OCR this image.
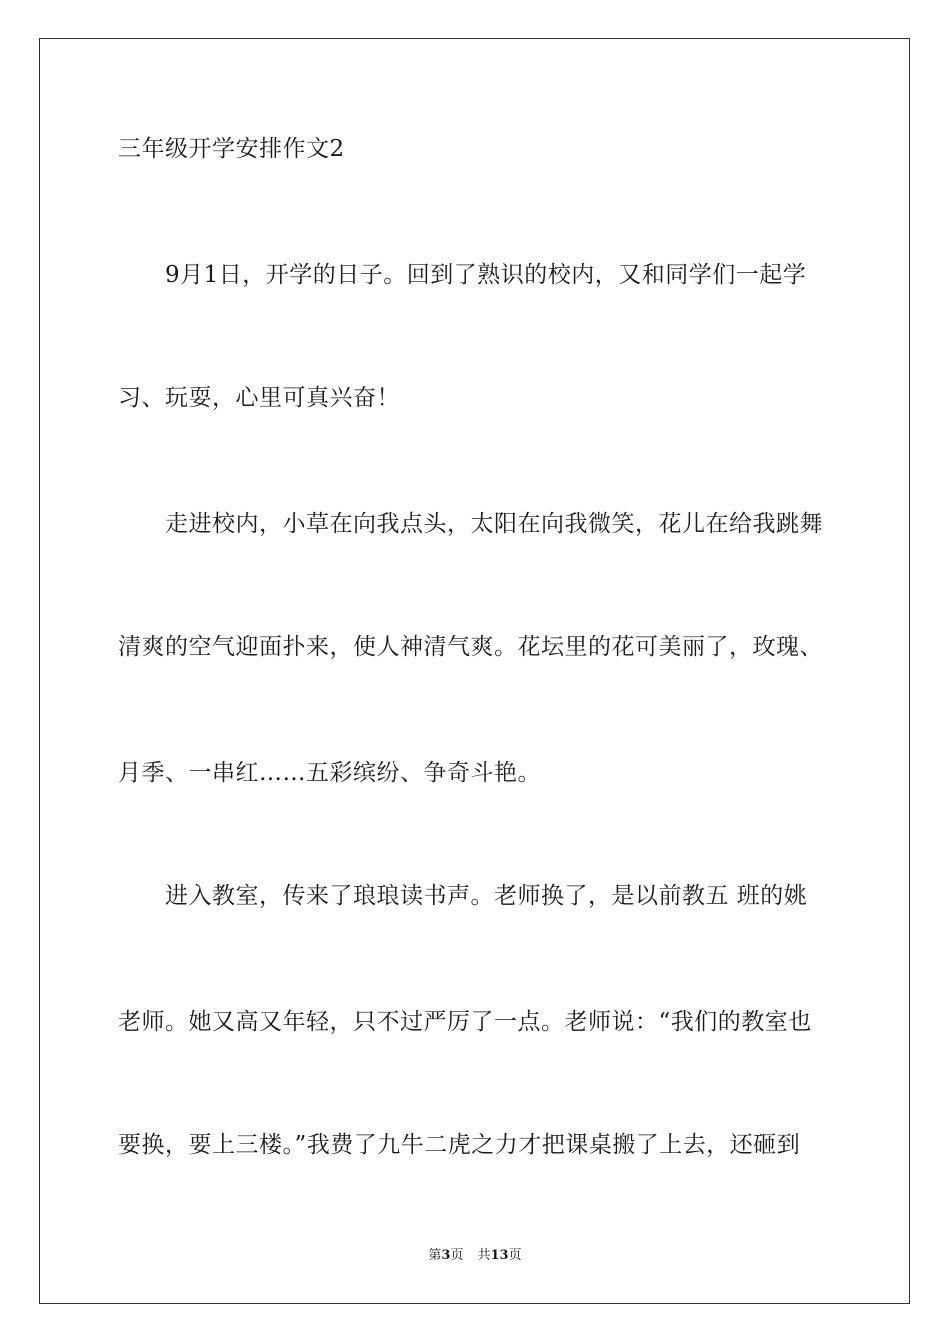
三年级开学安排作文2
9月1日，开学的日子。回到了熟识的校内，又和同学们一起学
习、玩耍，心里可真兴奋！
走进校内，小草在向我点头，太阳在向我微笑，花儿在给我跳舞
清爽的空气迎面扑来，使人神清气爽。花坛里的花可美丽了，玫瑰、
月季、一串红……五彩缤纷、争奇斗艳。
进入教室，传来了琅琅读书声。老师换了，是以前教五 班的姚
老师。她又高又年轻，只不过严厉了一点。老师说：“我们的教室也
要换，要上三楼。”我费了九牛二虎之力才把课桌搬了上去，还砸到
第3页 共13页
